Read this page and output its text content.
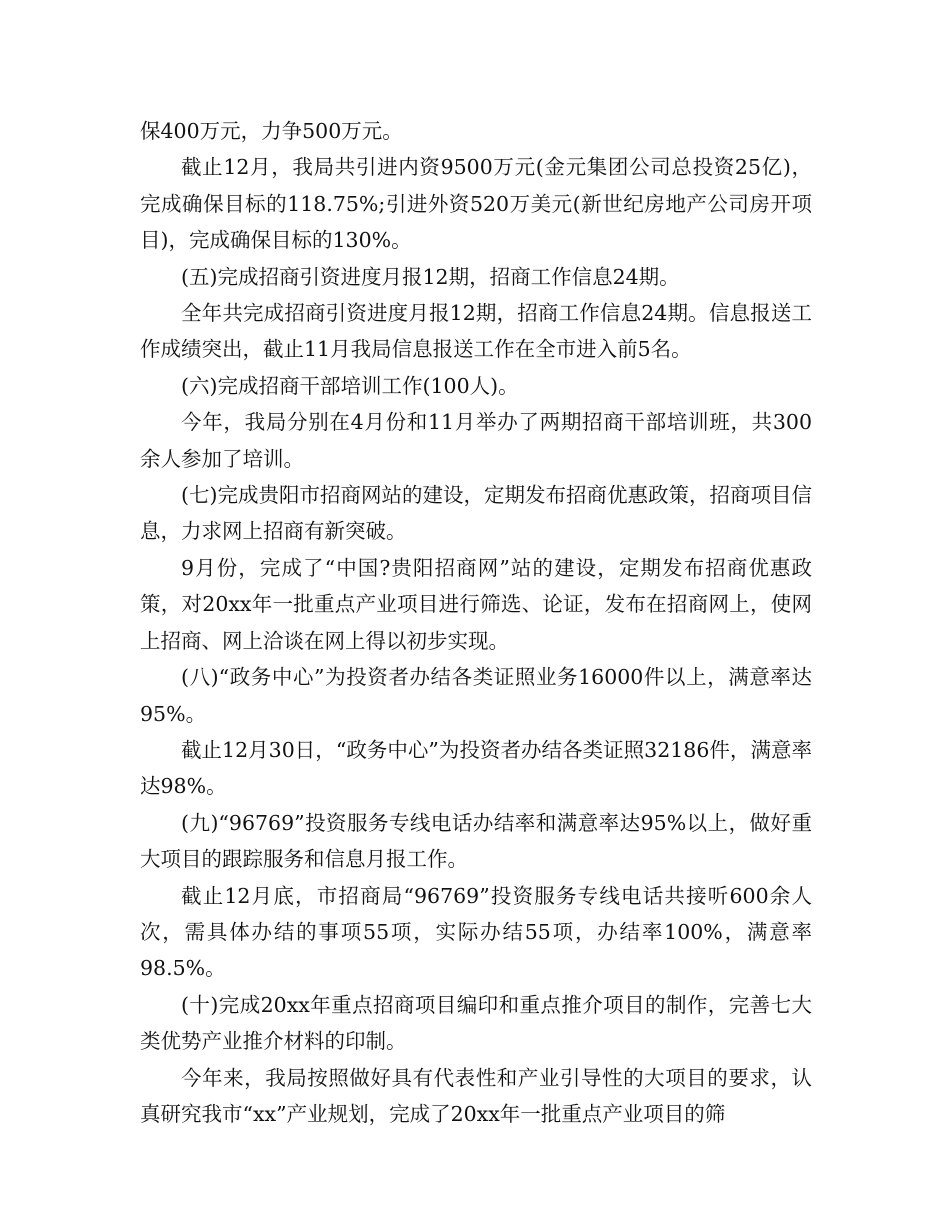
保400万元，力争500万元。

截止12月，我局共引进内资9500万元(金元集团公司总投资25亿)，完成确保目标的118.75%;引进外资520万美元(新世纪房地产公司房开项目)，完成确保目标的130%。

(五)完成招商引资进度月报12期，招商工作信息24期。

全年共完成招商引资进度月报12期，招商工作信息24期。信息报送工作成绩突出，截止11月我局信息报送工作在全市进入前5名。

(六)完成招商干部培训工作(100人)。

今年，我局分别在4月份和11月举办了两期招商干部培训班，共300余人参加了培训。

(七)完成贵阳市招商网站的建设，定期发布招商优惠政策，招商项目信息，力求网上招商有新突破。

9月份，完成了“中国?贵阳招商网”站的建设，定期发布招商优惠政策，对20xx年一批重点产业项目进行筛选、论证，发布在招商网上，使网上招商、网上洽谈在网上得以初步实现。

(八)“政务中心”为投资者办结各类证照业务16000件以上，满意率达95%。

截止12月30日，“政务中心”为投资者办结各类证照32186件，满意率达98%。

(九)“96769”投资服务专线电话办结率和满意率达95%以上，做好重大项目的跟踪服务和信息月报工作。

截止12月底，市招商局“96769”投资服务专线电话共接听600余人次，需具体办结的事项55项，实际办结55项，办结率100%，满意率98.5%。

(十)完成20xx年重点招商项目编印和重点推介项目的制作，完善七大类优势产业推介材料的印制。

今年来，我局按照做好具有代表性和产业引导性的大项目的要求，认真研究我市“xx”产业规划，完成了20xx年一批重点产业项目的筛
